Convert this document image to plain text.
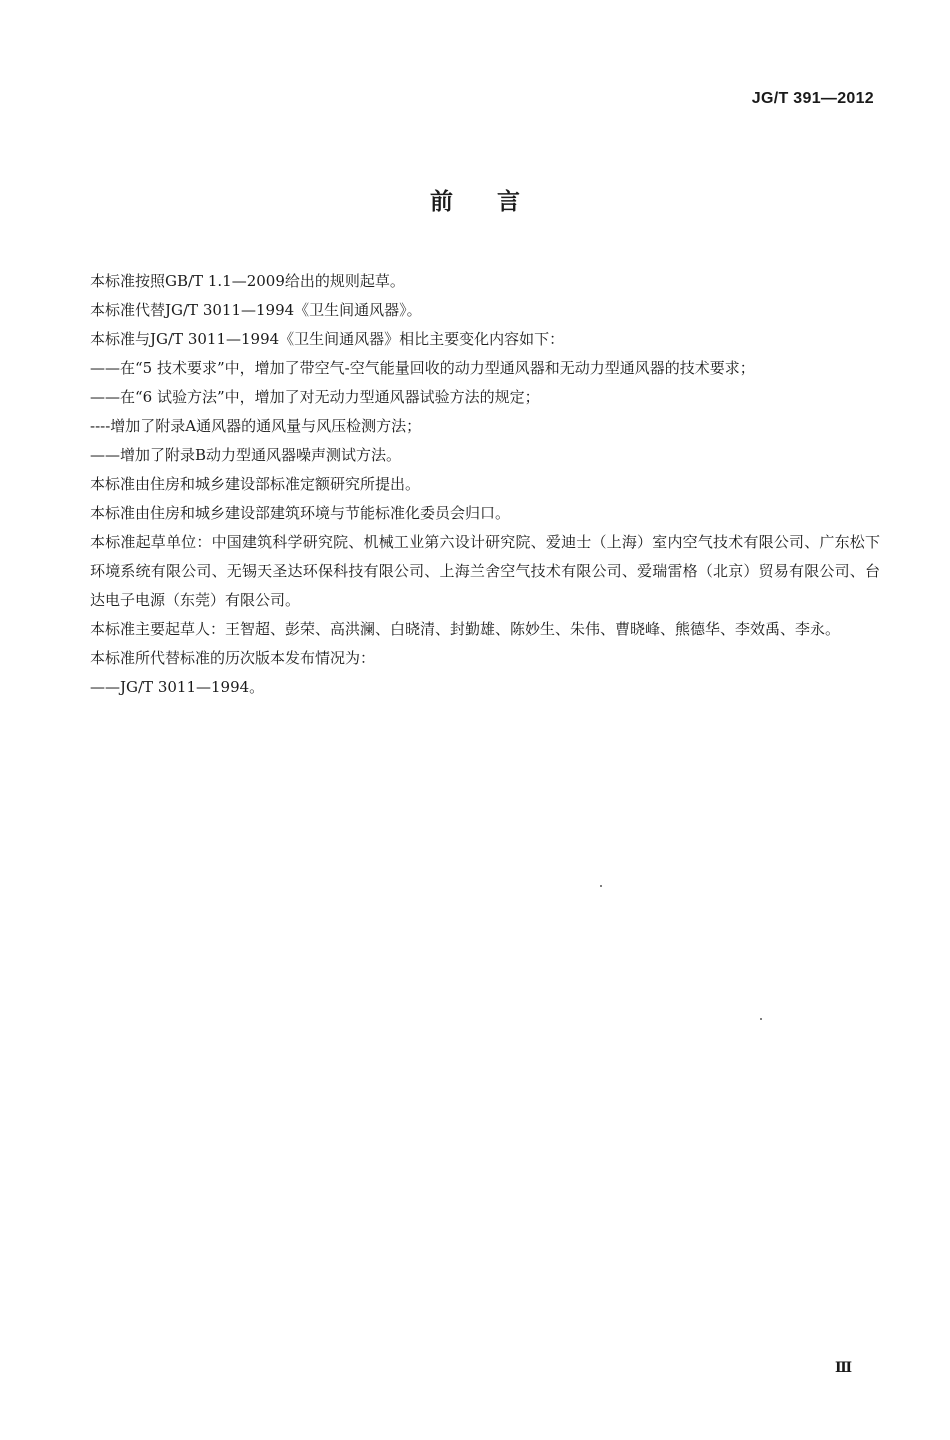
JG/T 391—2012
前言

本标准按照GB/T 1.1—2009给出的规则起草。

本标准代替JG/T 3011—1994《卫生间通风器》。

本标准与JG/T 3011—1994《卫生间通风器》相比主要变化内容如下：

——在“5 技术要求”中，增加了带空气-空气能量回收的动力型通风器和无动力型通风器的技术要求；

——在“6 试验方法”中，增加了对无动力型通风器试验方法的规定；

----增加了附录A通风器的通风量与风压检测方法；

——增加了附录B动力型通风器噪声测试方法。

本标准由住房和城乡建设部标准定额研究所提出。

本标准由住房和城乡建设部建筑环境与节能标准化委员会归口。

本标准起草单位：中国建筑科学研究院、机械工业第六设计研究院、爱迪士（上海）室内空气技术有限公司、广东松下环境系统有限公司、无锡天圣达环保科技有限公司、上海兰舍空气技术有限公司、爱瑞雷格（北京）贸易有限公司、台达电子电源（东莞）有限公司。

本标准主要起草人：王智超、彭荣、高洪澜、白晓清、封勤雄、陈妙生、朱伟、曹晓峰、熊德华、李效禹、李永。

本标准所代替标准的历次版本发布情况为：

——JG/T 3011—1994。

Ⅲ
